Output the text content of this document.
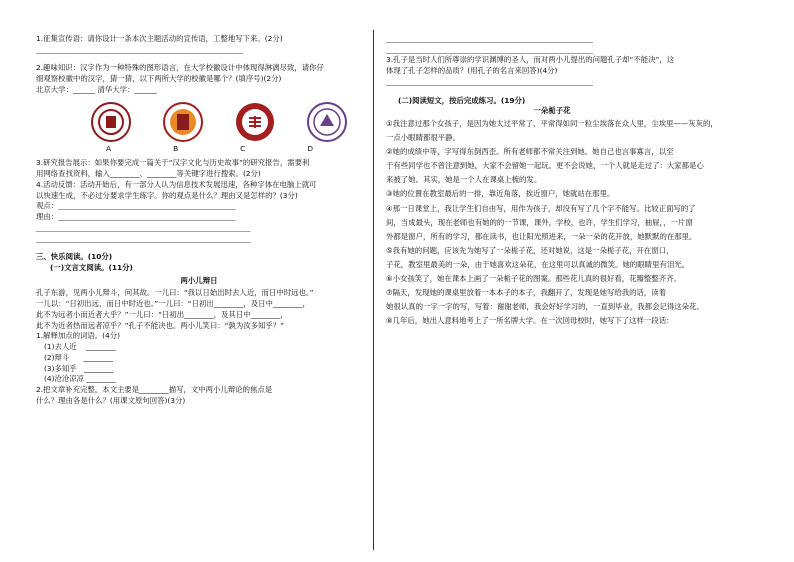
1.征集宣传语：请你设计一条本次主题活动的宣传语，工整地写下来。(2分)
________________________________________________________
2.趣味知识：汉字作为一种特殊的图形语言，在大学校徽设计中体现得淋漓尽致，请你仔
细观察校徽中的汉字，猜一猜，以下两所大学的校徽是哪个？(填序号)(2分)
北京大学：______ 清华大学：______
A	B	C	D
3.研究报告展示：如果你要完成一篇关于“汉字文化与历史故事”的研究报告，需要利
用网络查找资料，输入________、________等关键字进行搜索。(2分)
4.活动反馈：活动开始后，有一部分人认为信息技术发展迅速，各种字体在电脑上就可
以快速生成，不必过分要求学生练字。你的观点是什么？理由又是怎样的？(3分)
观点：________________________________________________
理由：________________________________________________
__________________________________________________________
__________________________________________________________
三、快乐阅读。(10分)
(一)文言文阅读。(11分)
两小儿辩日
孔子东游，见两小儿辩斗，问其故。一儿曰：“我以日始出时去人近，而日中时远也。”
一儿以：“日初出远，而日中时近也。”一儿曰：“日初出________，及日中________，
此不为远者小而近者大乎？”一儿曰：“日初出________，及其日中________，
此不为近者热而远者凉乎？”孔子不能决也。两小儿笑曰：“孰为汝多知乎？”
1.解释加点的词语。(4分)
(1)去人近 ________
(2)辩斗 ________
(3)多知乎 ________
(4)沧沧凉凉 ________
2.把文章补充完整，本文主要是________描写，文中两小儿辩论的焦点是
什么？理由各是什么？(用课文原句回答)(3分)
________________________________________________________
________________________________________________________
3.孔子是当时人们所尊崇的学识渊博的圣人，而对两小儿提出的问题孔子却“不能决”，这
体现了孔子怎样的品质？(用孔子的名言来回答)(4分)
________________________________________________________
(二)阅读短文，按后完成练习。(19分)
一朵栀子花
①我注意过那个女孩子，是因为她太过平常了，平常得如同一粒尘埃落在众人里，尘埃里——灰灰的，
一点小眼睛都很平静。
②她的成绩中等，字写得东倒西歪。所有老师都不常关注到她。她自己也言事寡言，以至
于有些同学也不曾注意到她，大家不会留她一起玩。更不会说她，一个人就是走过了：大家都是心
来被了她。其实，她是一个人在课桌上梳的发。
③她的位置在教室最后的一排，靠近角落，挨近窗户，她就站在那里。
④那一日课堂上，我让学生们自由写，用作为孩子，却没有写了几个字不能写。比较正面写的了
间，当成最头，现在老师也有她的的一节课，课外，学校，也许，学生们学习，抽屉，，一片窗
外都是窗户，所有的学习，都在读书，也让阳光照进来，一朵一朵的花开放，她默默的在那里。
⑤我有她的问题，应该先为她写了一朵栀子花，还对她说，这是一朵栀子花，开在窗口，
子花，教室里最美的一朵，由于她喜欢这朵花，在这里可以真诚的微笑。她的眼睛里有泪光。
⑥小女孩笑了，她在课本上画了一朵栀子花的图案。那些花儿真的很好看，花瓣整整齐齐。
⑦隔天，发现她的课桌里放着一本本子的本子，我翻开了，发现是她写给我的话，读着
她很认真的一字一字的写，写着：谢谢老师，我会好好学习的，一直到毕业，我都会记得这朵花。
⑧几年后，她出人意料地考上了一所名牌大学。在一次回母校时，她写下了这样一段话：
